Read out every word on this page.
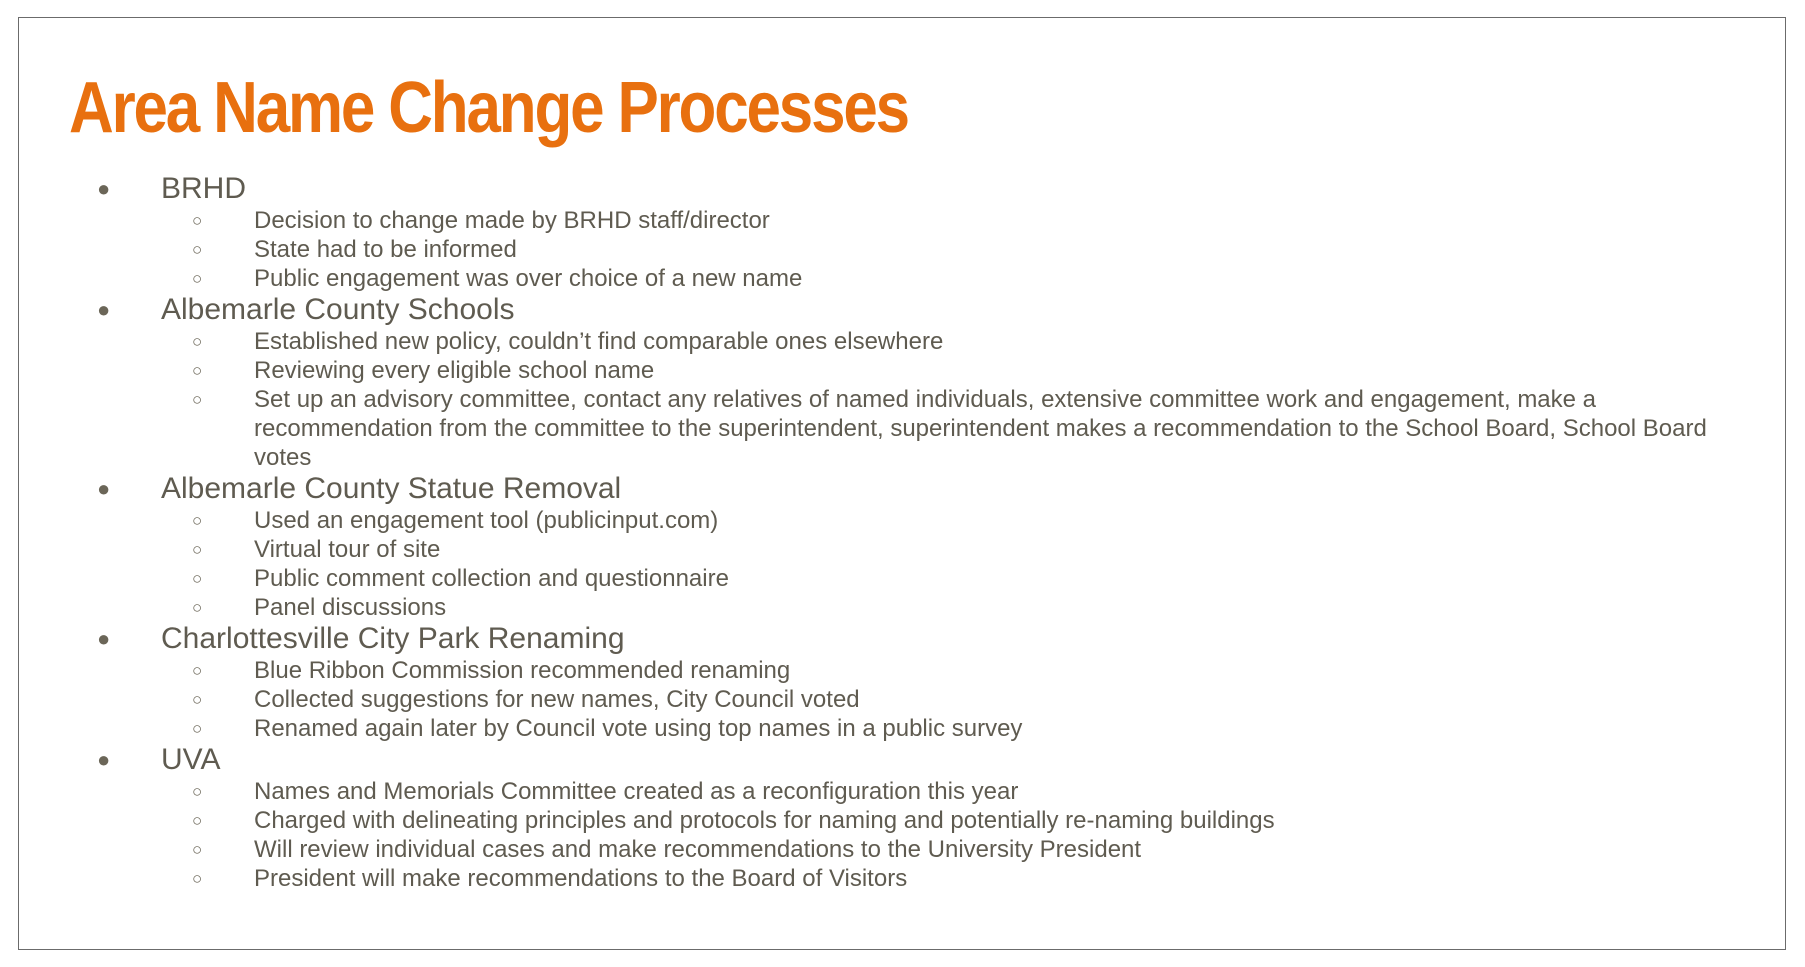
Area Name Change Processes
● BRHD
○ Decision to change made by BRHD staff/director
○ State had to be informed
○ Public engagement was over choice of a new name
● Albemarle County Schools
○ Established new policy, couldn’t find comparable ones elsewhere
○ Reviewing every eligible school name
○ Set up an advisory committee, contact any relatives of named individuals, extensive committee work and engagement, make a recommendation from the committee to the superintendent, superintendent makes a recommendation to the School Board, School Board votes
● Albemarle County Statue Removal
○ Used an engagement tool (publicinput.com)
○ Virtual tour of site
○ Public comment collection and questionnaire
○ Panel discussions
● Charlottesville City Park Renaming
○ Blue Ribbon Commission recommended renaming
○ Collected suggestions for new names, City Council voted
○ Renamed again later by Council vote using top names in a public survey
● UVA
○ Names and Memorials Committee created as a reconfiguration this year
○ Charged with delineating principles and protocols for naming and potentially re-naming buildings
○ Will review individual cases and make recommendations to the University President
○ President will make recommendations to the Board of Visitors
